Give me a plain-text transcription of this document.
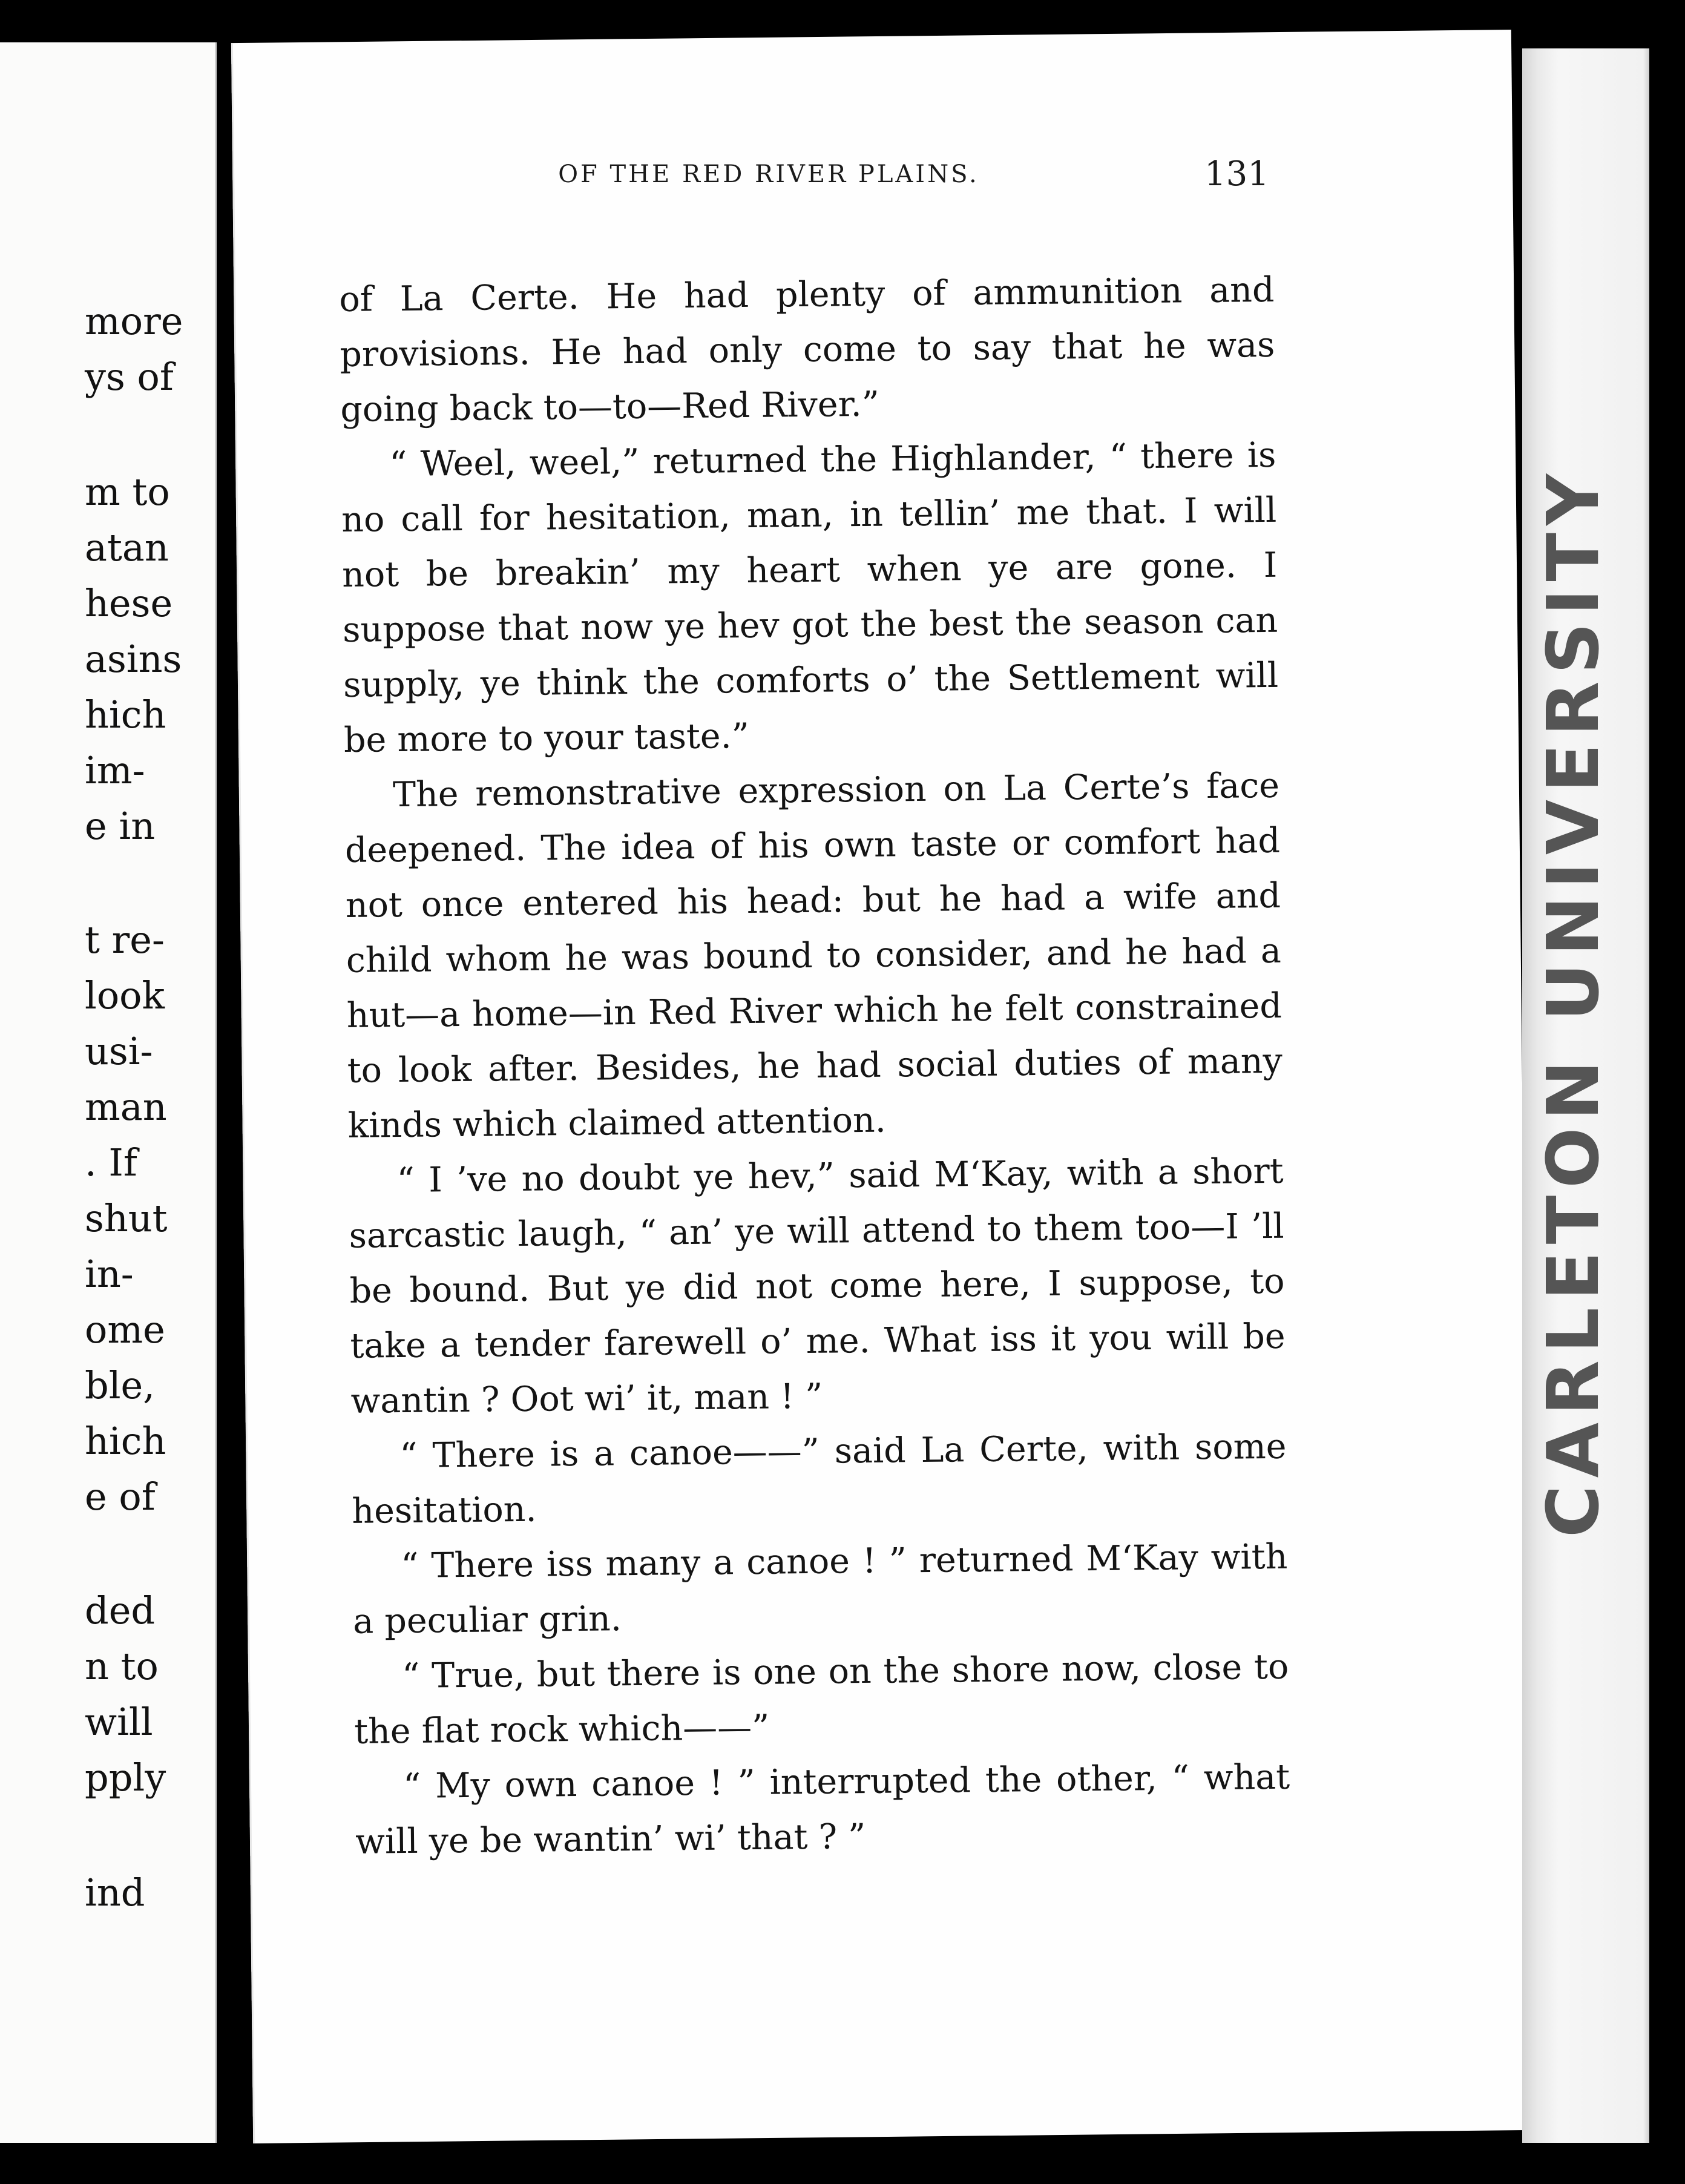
more
ys of
m to
atan
hese
asins
hich
im-
e in
t re-
look
usi-
man
. If
shut
in-
ome
ble,
hich
e of
ded
n to
will
pply
ind
CARLETON UNIVERSITY
OF THE RED RIVER PLAINS.	131

of La Certe. He had plenty of ammunition and provisions. He had only come to say that he was going back to—to—Red River.”

“ Weel, weel,” returned the Highlander, “ there is no call for hesitation, man, in tellin’ me that. I will not be breakin’ my heart when ye are gone. I suppose that now ye hev got the best the season can supply, ye think the comforts o’ the Settlement will be more to your taste.”

The remonstrative expression on La Certe’s face deepened. The idea of his own taste or comfort had not once entered his head: but he had a wife and child whom he was bound to consider, and he had a hut—a home—in Red River which he felt constrained to look after. Besides, he had social duties of many kinds which claimed attention.

“ I ’ve no doubt ye hev,” said M‘Kay, with a short sarcastic laugh, “ an’ ye will attend to them too—I ’ll be bound. But ye did not come here, I suppose, to take a tender farewell o’ me. What iss it you will be wantin ? Oot wi’ it, man ! ”

“ There is a canoe——” said La Certe, with some hesitation.

“ There iss many a canoe ! ” returned M‘Kay with a peculiar grin.

“ True, but there is one on the shore now, close to the flat rock which——”

“ My own canoe ! ” interrupted the other, “ what will ye be wantin’ wi’ that ? ”
